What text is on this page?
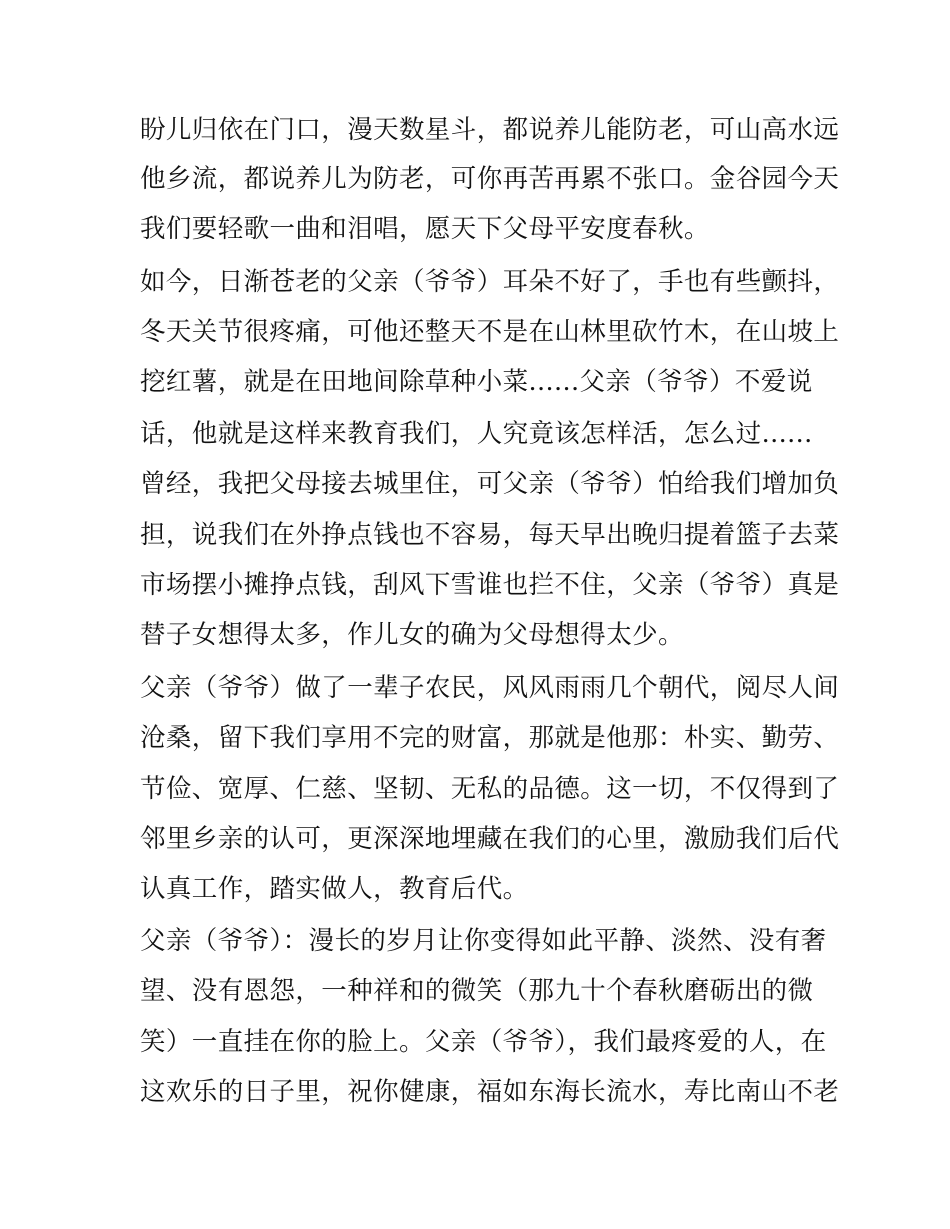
盼儿归依在门口，漫天数星斗，都说养儿能防老，可山高水远
他乡流，都说养儿为防老，可你再苦再累不张口。金谷园今天
我们要轻歌一曲和泪唱，愿天下父母平安度春秋。
如今，日渐苍老的父亲（爷爷）耳朵不好了，手也有些颤抖，
冬天关节很疼痛，可他还整天不是在山林里砍竹木，在山坡上
挖红薯，就是在田地间除草种小菜......父亲（爷爷）不爱说
话，他就是这样来教育我们，人究竟该怎样活，怎么过......
曾经，我把父母接去城里住，可父亲（爷爷）怕给我们增加负
担，说我们在外挣点钱也不容易，每天早出晚归提着篮子去菜
市场摆小摊挣点钱，刮风下雪谁也拦不住，父亲（爷爷）真是
替子女想得太多，作儿女的确为父母想得太少。
父亲（爷爷）做了一辈子农民，风风雨雨几个朝代，阅尽人间
沧桑，留下我们享用不完的财富，那就是他那：朴实、勤劳、
节俭、宽厚、仁慈、坚韧、无私的品德。这一切，不仅得到了
邻里乡亲的认可，更深深地埋藏在我们的心里，激励我们后代
认真工作，踏实做人，教育后代。
父亲（爷爷）：漫长的岁月让你变得如此平静、淡然、没有奢
望、没有恩怨，一种祥和的微笑（那九十个春秋磨砺出的微
笑）一直挂在你的脸上。父亲（爷爷），我们最疼爱的人，在
这欢乐的日子里，祝你健康，福如东海长流水，寿比南山不老
